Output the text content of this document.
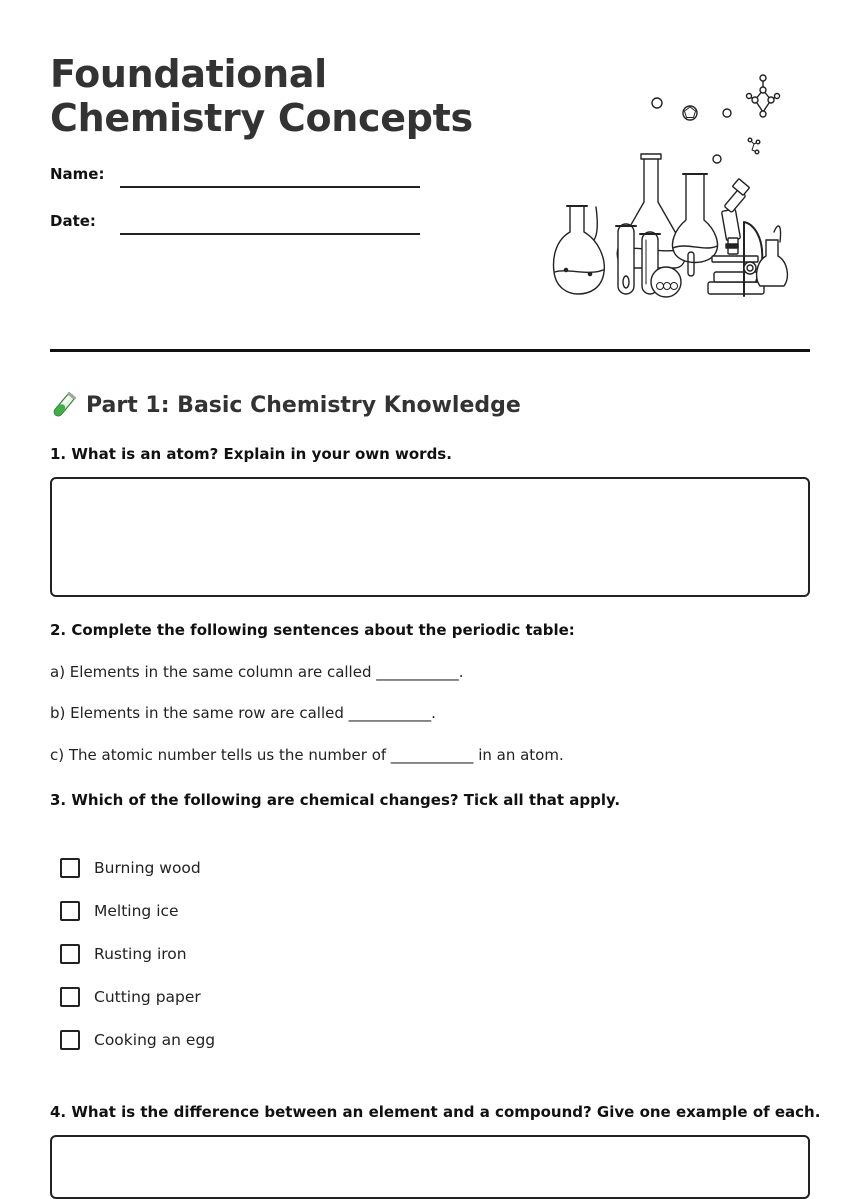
Foundational Chemistry Concepts
Name:
Date:
Part 1: Basic Chemistry Knowledge
1. What is an atom? Explain in your own words.
2. Complete the following sentences about the periodic table:
a) Elements in the same column are called ___________.
b) Elements in the same row are called ___________.
c) The atomic number tells us the number of ___________ in an atom.
3. Which of the following are chemical changes? Tick all that apply.
Burning wood
Melting ice
Rusting iron
Cutting paper
Cooking an egg
4. What is the difference between an element and a compound? Give one example of each.
